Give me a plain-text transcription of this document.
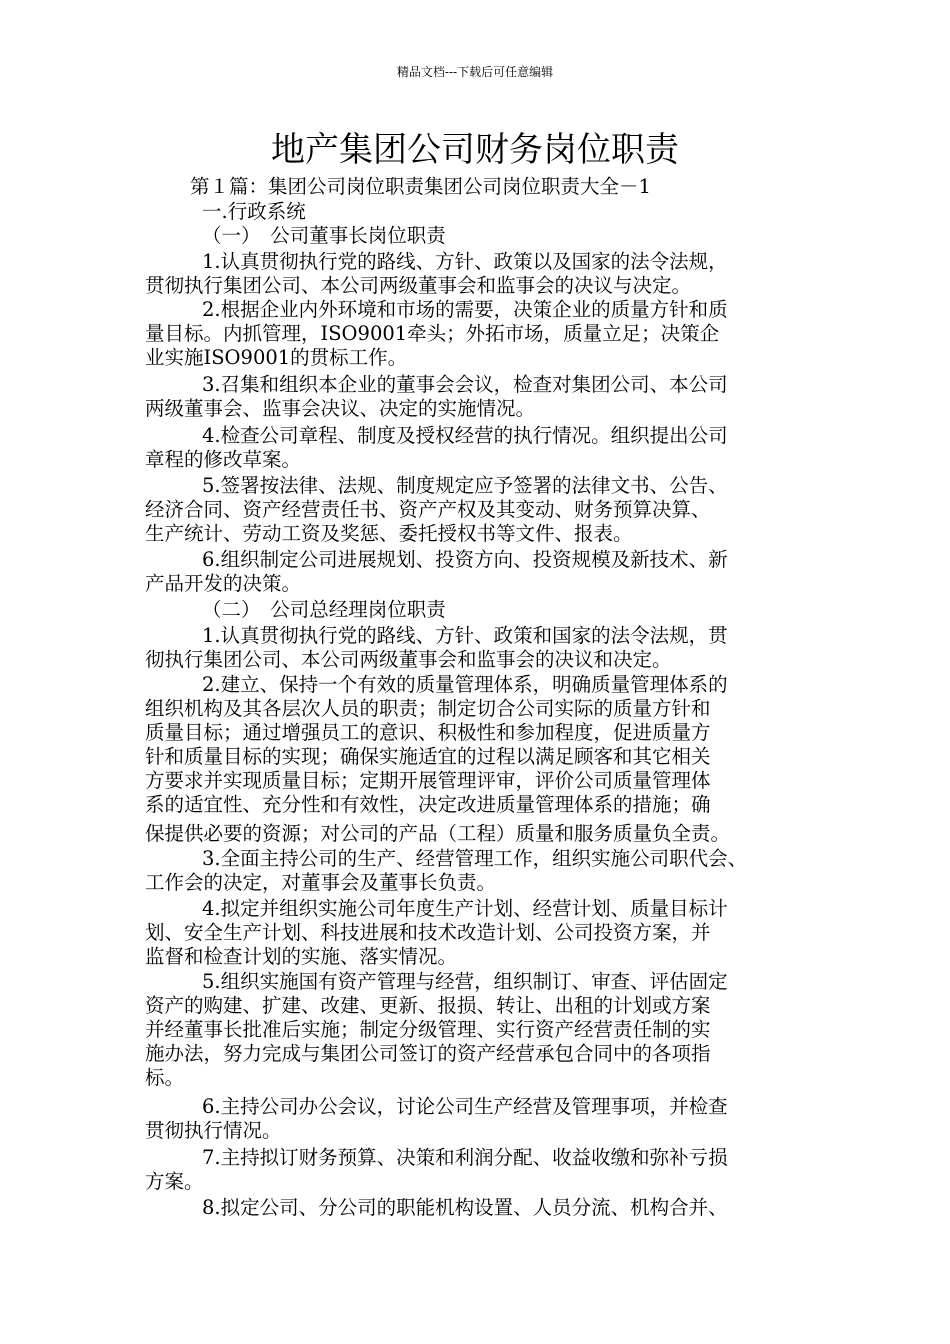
精品文档---下载后可任意编辑
地产集团公司财务岗位职责
第１篇：集团公司岗位职责集团公司岗位职责大全－1
一.行政系统
（一）　公司董事长岗位职责
1.认真贯彻执行党的路线、方针、政策以及国家的法令法规，
贯彻执行集团公司、本公司两级董事会和监事会的决议与决定。
2.根据企业内外环境和市场的需要，决策企业的质量方针和质
量目标。内抓管理，ISO9001牵头；外拓市场，质量立足；决策企
业实施ISO9001的贯标工作。
3.召集和组织本企业的董事会会议，检查对集团公司、本公司
两级董事会、监事会决议、决定的实施情况。
4.检查公司章程、制度及授权经营的执行情况。组织提出公司
章程的修改草案。
5.签署按法律、法规、制度规定应予签署的法律文书、公告、
经济合同、资产经营责任书、资产产权及其变动、财务预算决算、
生产统计、劳动工资及奖惩、委托授权书等文件、报表。
6.组织制定公司进展规划、投资方向、投资规模及新技术、新
产品开发的决策。
（二）　公司总经理岗位职责
1.认真贯彻执行党的路线、方针、政策和国家的法令法规，贯
彻执行集团公司、本公司两级董事会和监事会的决议和决定。
2.建立、保持一个有效的质量管理体系，明确质量管理体系的
组织机构及其各层次人员的职责；制定切合公司实际的质量方针和
质量目标；通过增强员工的意识、积极性和参加程度，促进质量方
针和质量目标的实现；确保实施适宜的过程以满足顾客和其它相关
方要求并实现质量目标；定期开展管理评审，评价公司质量管理体
系的适宜性、充分性和有效性，决定改进质量管理体系的措施；确
保提供必要的资源；对公司的产品（工程）质量和服务质量负全责。
3.全面主持公司的生产、经营管理工作，组织实施公司职代会、
工作会的决定，对董事会及董事长负责。
4.拟定并组织实施公司年度生产计划、经营计划、质量目标计
划、安全生产计划、科技进展和技术改造计划、公司投资方案，并
监督和检查计划的实施、落实情况。
5.组织实施国有资产管理与经营，组织制订、审查、评估固定
资产的购建、扩建、改建、更新、报损、转让、出租的计划或方案
并经董事长批准后实施；制定分级管理、实行资产经营责任制的实
施办法，努力完成与集团公司签订的资产经营承包合同中的各项指
标。
6.主持公司办公会议，讨论公司生产经营及管理事项，并检查
贯彻执行情况。
7.主持拟订财务预算、决策和利润分配、收益收缴和弥补亏损
方案。
8.拟定公司、分公司的职能机构设置、人员分流、机构合并、
